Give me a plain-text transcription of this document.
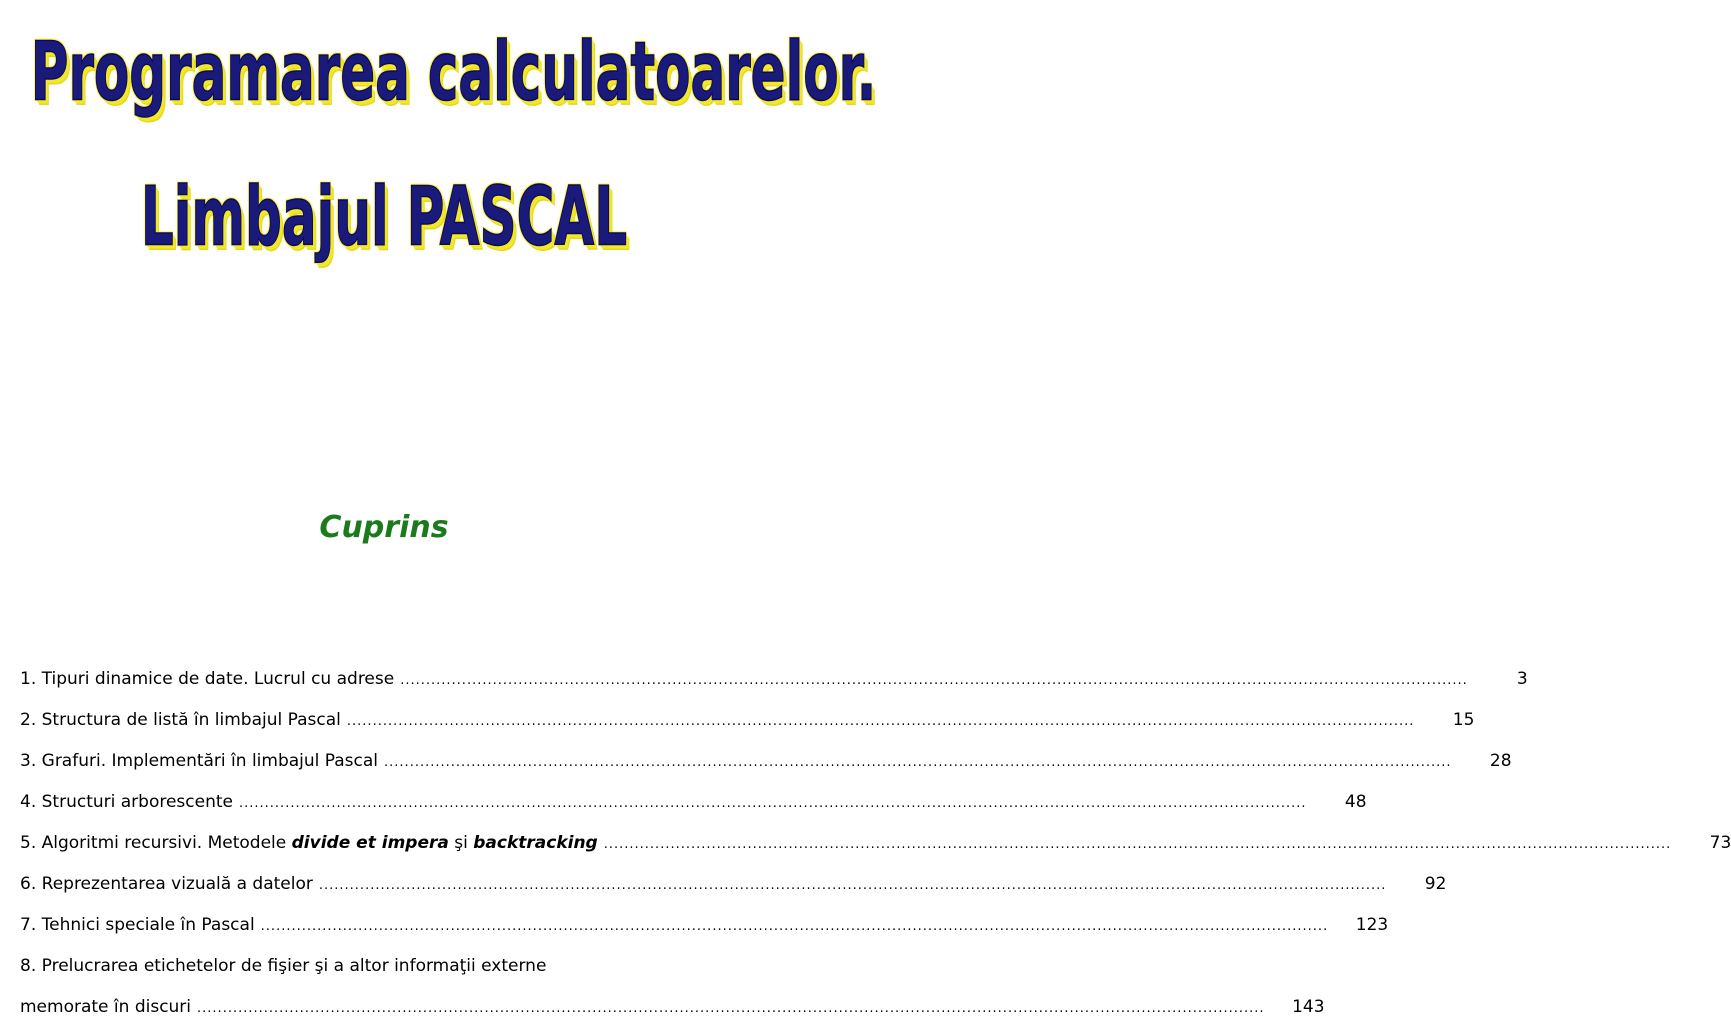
Programarea calculatoarelor.
Limbajul PASCAL
Cuprins
1. Tipuri dinamice de date. Lucrul cu adrese .....	3
2. Structura de listă în limbajul Pascal .....	15
3. Grafuri. Implementări în limbajul Pascal .....	28
4. Structuri arborescente .....	48
5. Algoritmi recursivi. Metodele divide et impera şi backtracking .....	73
6. Reprezentarea vizuală a datelor .....	92
7. Tehnici speciale în Pascal .....	123
8. Prelucrarea etichetelor de fişier şi a altor informaţii externe
memorate în discuri .....	143
